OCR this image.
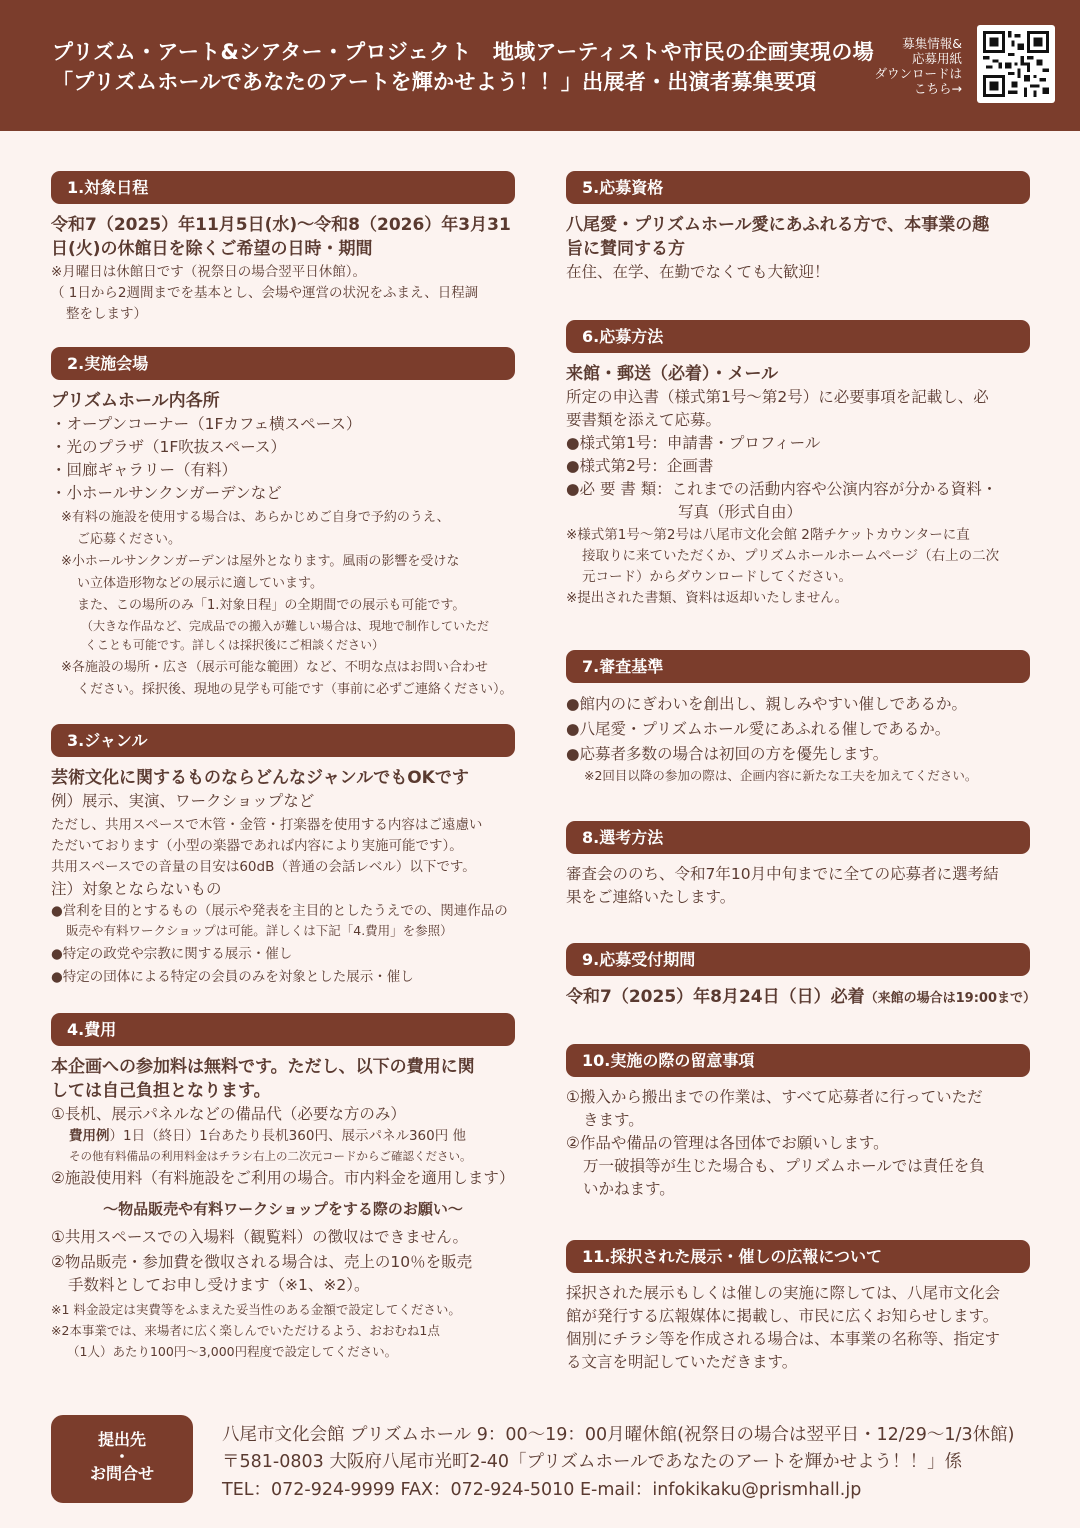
プリズム・アート&シアター・プロジェクト　地域アーティストや市民の企画実現の場
「プリズムホールであなたのアートを輝かせよう！！」出展者・出演者募集要項
募集情報&
応募用紙
ダウンロードは
こちら→
1.対象日程
令和7（2025）年11月5日(水)～令和8（2026）年3月31
日(火)の休館日を除くご希望の日時・期間
※月曜日は休館日です（祝祭日の場合翌平日休館）。
（ 1日から2週間までを基本とし、会場や運営の状況をふまえ、日程調
整をします）
2.実施会場
プリズムホール内各所
・オープンコーナー（1Fカフェ横スペース）
・光のプラザ（1F吹抜スペース）
・回廊ギャラリー（有料）
・小ホールサンクンガーデンなど
※有料の施設を使用する場合は、あらかじめご自身で予約のうえ、
ご応募ください。
※小ホールサンクンガーデンは屋外となります。風雨の影響を受けな
い立体造形物などの展示に適しています。
また、この場所のみ「1.対象日程」の全期間での展示も可能です。
（大きな作品など、完成品での搬入が難しい場合は、現地で制作していただ
くことも可能です。詳しくは採択後にご相談ください）
※各施設の場所・広さ（展示可能な範囲）など、不明な点はお問い合わせ
ください。採択後、現地の見学も可能です（事前に必ずご連絡ください）。
3.ジャンル
芸術文化に関するものならどんなジャンルでもOKです
例）展示、実演、ワークショップなど
ただし、共用スペースで木管・金管・打楽器を使用する内容はご遠慮い
ただいております（小型の楽器であれば内容により実施可能です）。
共用スペースでの音量の目安は60dB（普通の会話レベル）以下です。
注）対象とならないもの
●営利を目的とするもの（展示や発表を主目的としたうえでの、関連作品の
販売や有料ワークショップは可能。詳しくは下記「4.費用」を参照）
●特定の政党や宗教に関する展示・催し
●特定の団体による特定の会員のみを対象とした展示・催し
4.費用
本企画への参加料は無料です。ただし、以下の費用に関
しては自己負担となります。
①長机、展示パネルなどの備品代（必要な方のみ）
費用例）1日（終日）1台あたり長机360円、展示パネル360円 他
その他有料備品の利用料金はチラシ右上の二次元コードからご確認ください。
②施設使用料（有料施設をご利用の場合。市内料金を適用します）
～物品販売や有料ワークショップをする際のお願い～
①共用スペースでの入場料（観覧料）の徴収はできません。
②物品販売・参加費を徴収される場合は、売上の10％を販売
手数料としてお申し受けます（※1、※2）。
※1 料金設定は実費等をふまえた妥当性のある金額で設定してください。
※2本事業では、来場者に広く楽しんでいただけるよう、おおむね1点
（1人）あたり100円～3,000円程度で設定してください。
5.応募資格
八尾愛・プリズムホール愛にあふれる方で、本事業の趣
旨に賛同する方
在住、在学、在勤でなくても大歓迎！
6.応募方法
来館・郵送（必着）・メール
所定の申込書（様式第1号～第2号）に必要事項を記載し、必
要書類を添えて応募。
●様式第1号：申請書・プロフィール
●様式第2号：企画書
●必 要 書 類：これまでの活動内容や公演内容が分かる資料・
写真（形式自由）
※様式第1号～第2号は八尾市文化会館 2階チケットカウンターに直
接取りに来ていただくか、プリズムホールホームページ（右上の二次
元コード）からダウンロードしてください。
※提出された書類、資料は返却いたしません。
7.審査基準
●館内のにぎわいを創出し、親しみやすい催しであるか。
●八尾愛・プリズムホール愛にあふれる催しであるか。
●応募者多数の場合は初回の方を優先します。
※2回目以降の参加の際は、企画内容に新たな工夫を加えてください。
8.選考方法
審査会ののち、令和7年10月中旬までに全ての応募者に選考結
果をご連絡いたします。
9.応募受付期間
令和7（2025）年8月24日（日）必着（来館の場合は19:00まで）
10.実施の際の留意事項
①搬入から搬出までの作業は、すべて応募者に行っていただ
きます。
②作品や備品の管理は各団体でお願いします。
万一破損等が生じた場合も、プリズムホールでは責任を負
いかねます。
11.採択された展示・催しの広報について
採択された展示もしくは催しの実施に際しては、八尾市文化会
館が発行する広報媒体に掲載し、市民に広くお知らせします。
個別にチラシ等を作成される場合は、本事業の名称等、指定す
る文言を明記していただきます。
提出先
・
お問合せ
八尾市文化会館 プリズムホール 9：00～19：00月曜休館(祝祭日の場合は翌平日・12/29～1/3休館)
〒581-0803 大阪府八尾市光町2-40「プリズムホールであなたのアートを輝かせよう！！」係
TEL：072-924-9999 FAX：072-924-5010 E-mail：infokikaku@prismhall.jp
